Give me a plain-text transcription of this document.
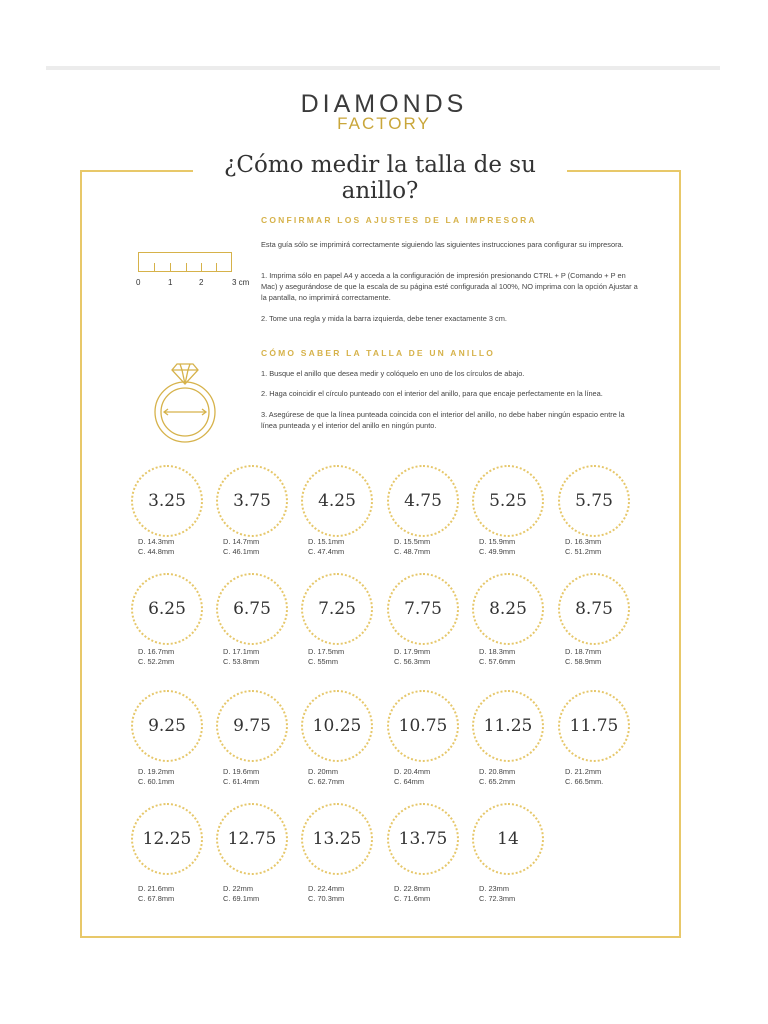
DIAMONDS
FACTORY
¿Cómo medir la talla de su anillo?
CONFIRMAR LOS AJUSTES DE LA IMPRESORA
Esta guía sólo se imprimirá correctamente siguiendo las siguientes instrucciones para configurar su impresora.
1. Imprima sólo en papel A4 y acceda a la configuración de impresión presionando CTRL + P (Comando + P en Mac) y asegurándose de que la escala de su página esté configurada al 100%, NO imprima con la opción Ajustar a la pantalla, no imprimirá correctamente.
2. Tome una regla y mida la barra izquierda, debe tener exactamente 3 cm.
0	1	2	3 cm
CÓMO SABER LA TALLA DE UN ANILLO
1. Busque el anillo que desea medir y colóquelo en uno de los círculos de abajo.
2. Haga coincidir el círculo punteado con el interior del anillo, para que encaje perfectamente en la línea.
3. Asegúrese de que la línea punteada coincida con el interior del anillo, no debe haber ningún espacio entre la línea punteada y el interior del anillo en ningún punto.
3.25
D. 14.3mm
C. 44.8mm
3.75
D. 14.7mm
C. 46.1mm
4.25
D. 15.1mm
C. 47.4mm
4.75
D. 15.5mm
C. 48.7mm
5.25
D. 15.9mm
C. 49.9mm
5.75
D. 16.3mm
C. 51.2mm
6.25
D. 16.7mm
C. 52.2mm
6.75
D. 17.1mm
C. 53.8mm
7.25
D. 17.5mm
C. 55mm
7.75
D. 17.9mm
C. 56.3mm
8.25
D. 18.3mm
C. 57.6mm
8.75
D. 18.7mm
C. 58.9mm
9.25
D. 19.2mm
C. 60.1mm
9.75
D. 19.6mm
C. 61.4mm
10.25
D. 20mm
C. 62.7mm
10.75
D. 20.4mm
C. 64mm
11.25
D. 20.8mm
C. 65.2mm
11.75
D. 21.2mm
C. 66.5mm.
12.25
D. 21.6mm
C. 67.8mm
12.75
D. 22mm
C. 69.1mm
13.25
D. 22.4mm
C. 70.3mm
13.75
D. 22.8mm
C. 71.6mm
14
D. 23mm
C. 72.3mm
